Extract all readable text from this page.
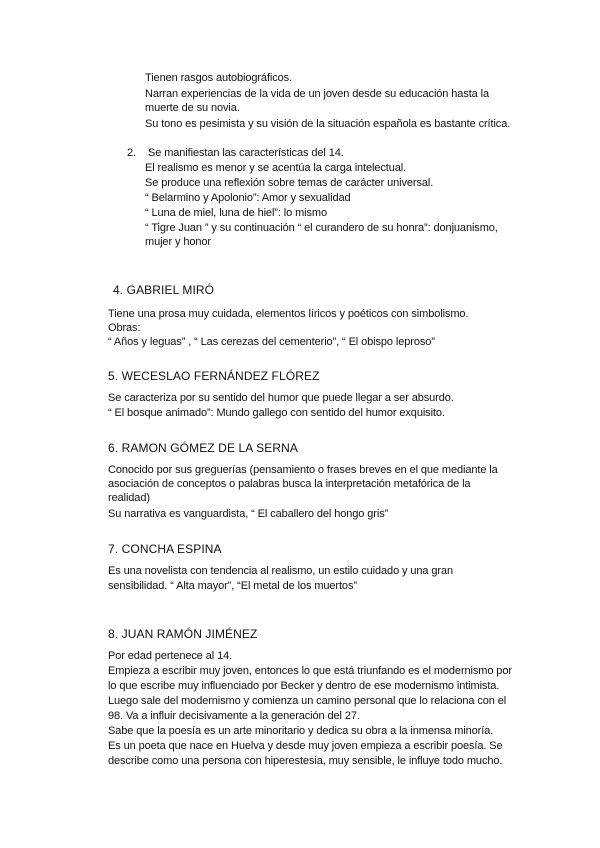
Tienen rasgos autobiográficos.
Narran experiencias de la vida de un joven desde su educación hasta la
muerte de su novia.
Su tono es pesimista y su visión de la situación española es bastante crítica.
2. Se manifiestan las características del 14.
El realismo es menor y se acentúa la carga intelectual.
Se produce una reflexión sobre temas de carácter universal.
“ Belarmino y Apolonio”: Amor y sexualidad
“ Luna de miel, luna de hiel”: lo mismo
“ Tigre Juan ” y su continuación “ el curandero de su honra”: donjuanismo,
mujer y honor
4. GABRIEL MIRÓ
Tiene una prosa muy cuidada, elementos líricos y poéticos con simbolismo.
Obras:
“ Años y leguas” , “ Las cerezas del cementerio”, “ El obispo leproso”
5. WECESLAO FERNÁNDEZ FLÓREZ
Se caracteriza por su sentido del humor que puede llegar a ser absurdo.
“ El bosque animado”: Mundo gallego con sentido del humor exquisito.
6. RAMON GÓMEZ DE LA SERNA
Conocido por sus greguerías (pensamiento o frases breves en el que mediante la
asociación de conceptos o palabras busca la interpretación metafórica de la
realidad)
Su narrativa es vanguardista, “ El caballero del hongo gris”
7. CONCHA ESPINA
Es una novelista con tendencia al realismo, un estilo cuidado y una gran
sensibilidad. “ Alta mayor”, “El metal de los muertos”
8. JUAN RAMÓN JIMÉNEZ
Por edad pertenece al 14.
Empieza a escribir muy joven, entonces lo que está triunfando es el modernismo por
lo que escribe muy influenciado por Becker y dentro de ese modernismo intimista.
Luego sale del modernismo y comienza un camino personal que lo relaciona con el
98. Va a influir decisivamente a la generación del 27.
Sabe que la poesía es un arte minoritario y dedica su obra a la inmensa minoría.
Es un poeta que nace en Huelva y desde muy joven empieza a escribir poesía. Se
describe como una persona con hiperestesia, muy sensible, le influye todo mucho.
